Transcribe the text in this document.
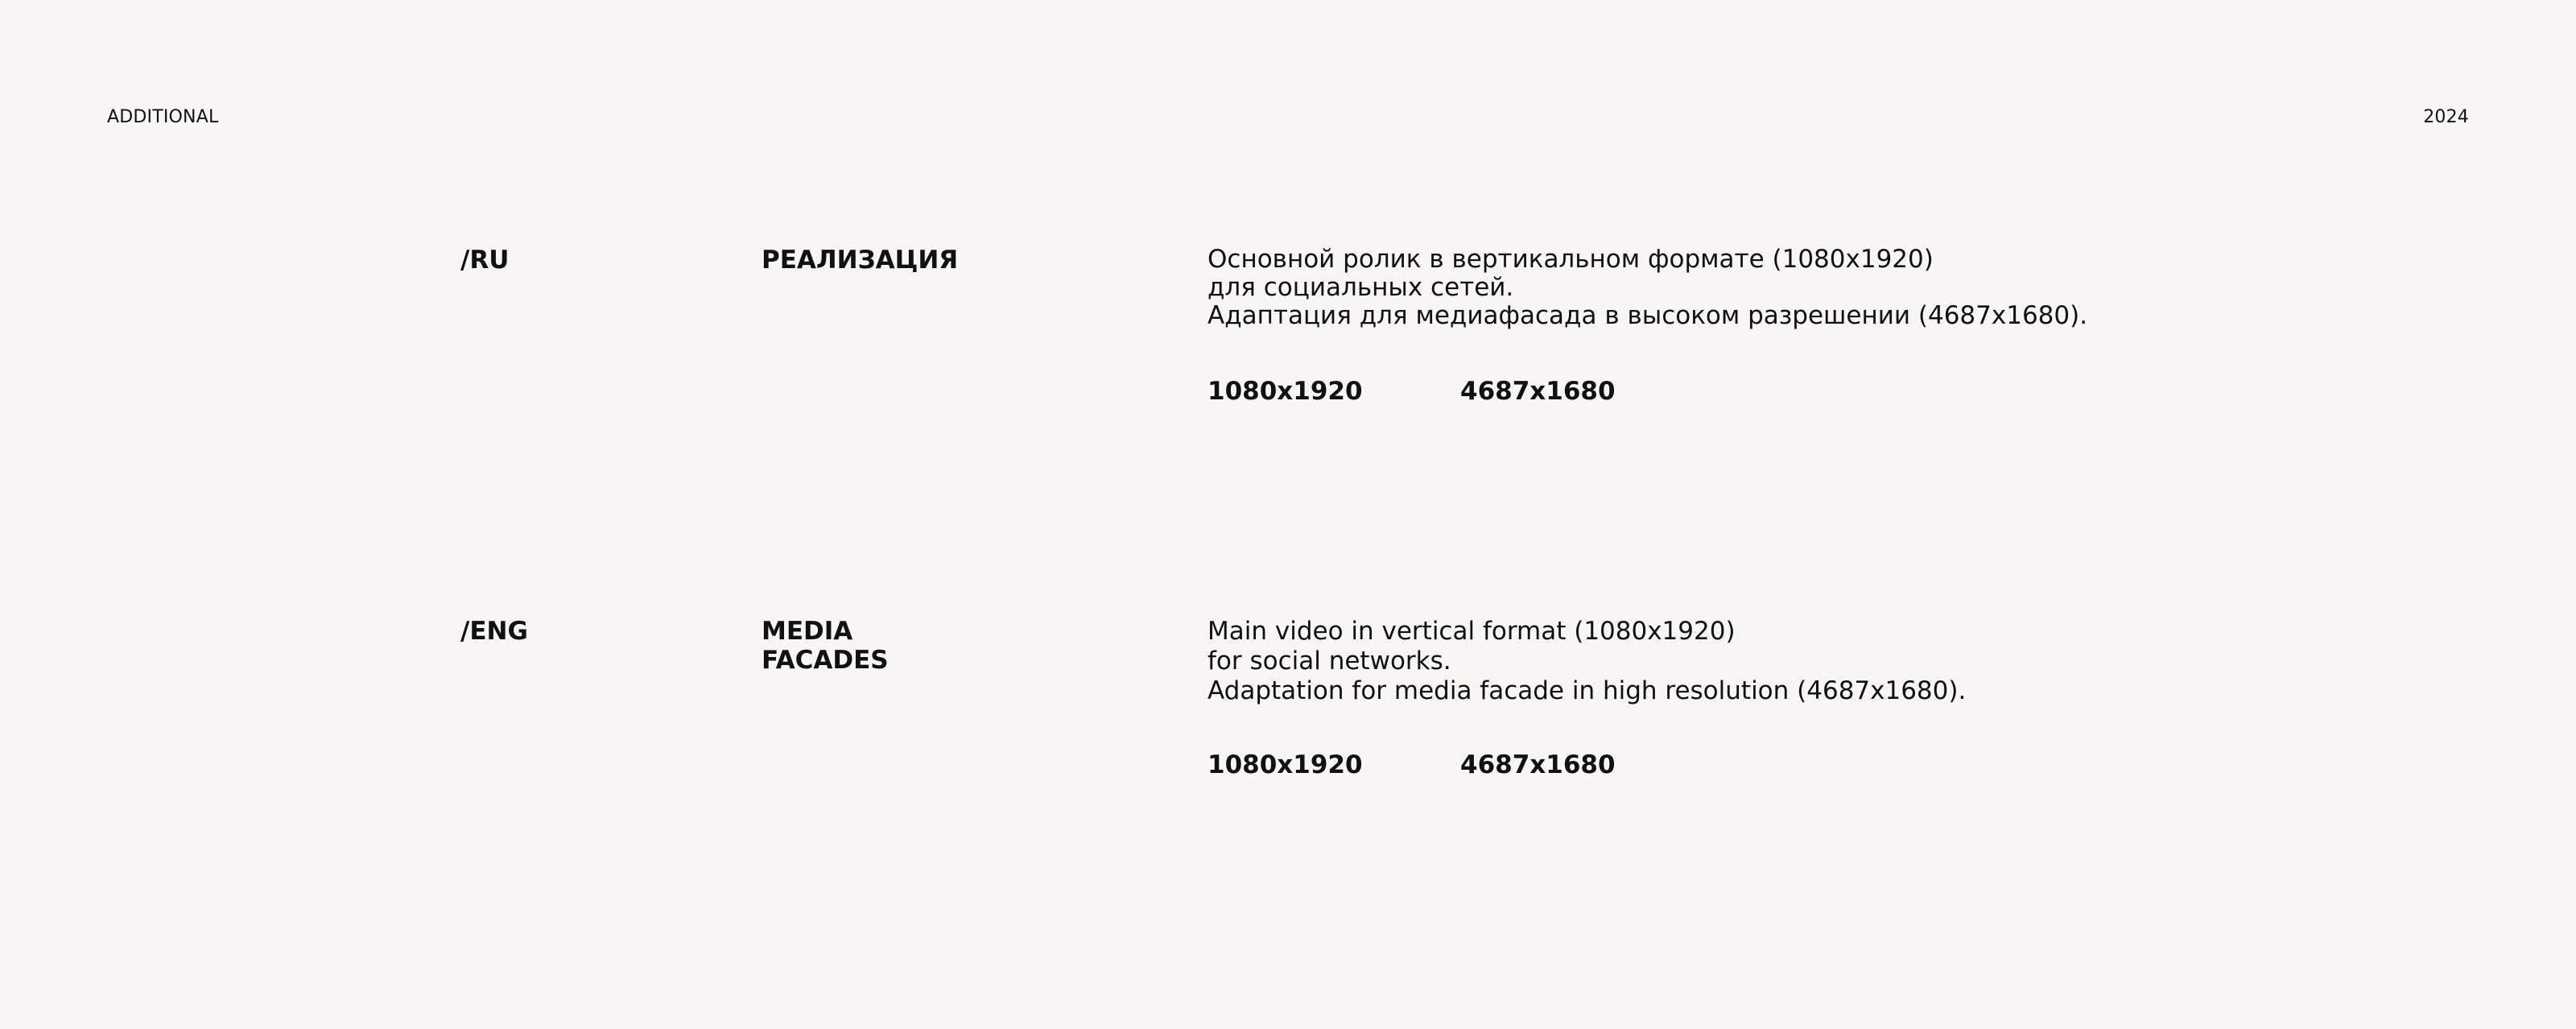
ADDITIONAL	2024
/RU	РЕАЛИЗАЦИЯ	Основной ролик в вертикальном формате (1080x1920)
для социальных сетей.
Адаптация для медиафасада в высоком разрешении (4687x1680).
1080x1920	4687x1680
/ENG	MEDIA
FACADES
Main video in vertical format (1080x1920)
for social networks.
Adaptation for media facade in high resolution (4687x1680).
1080x1920	4687x1680
